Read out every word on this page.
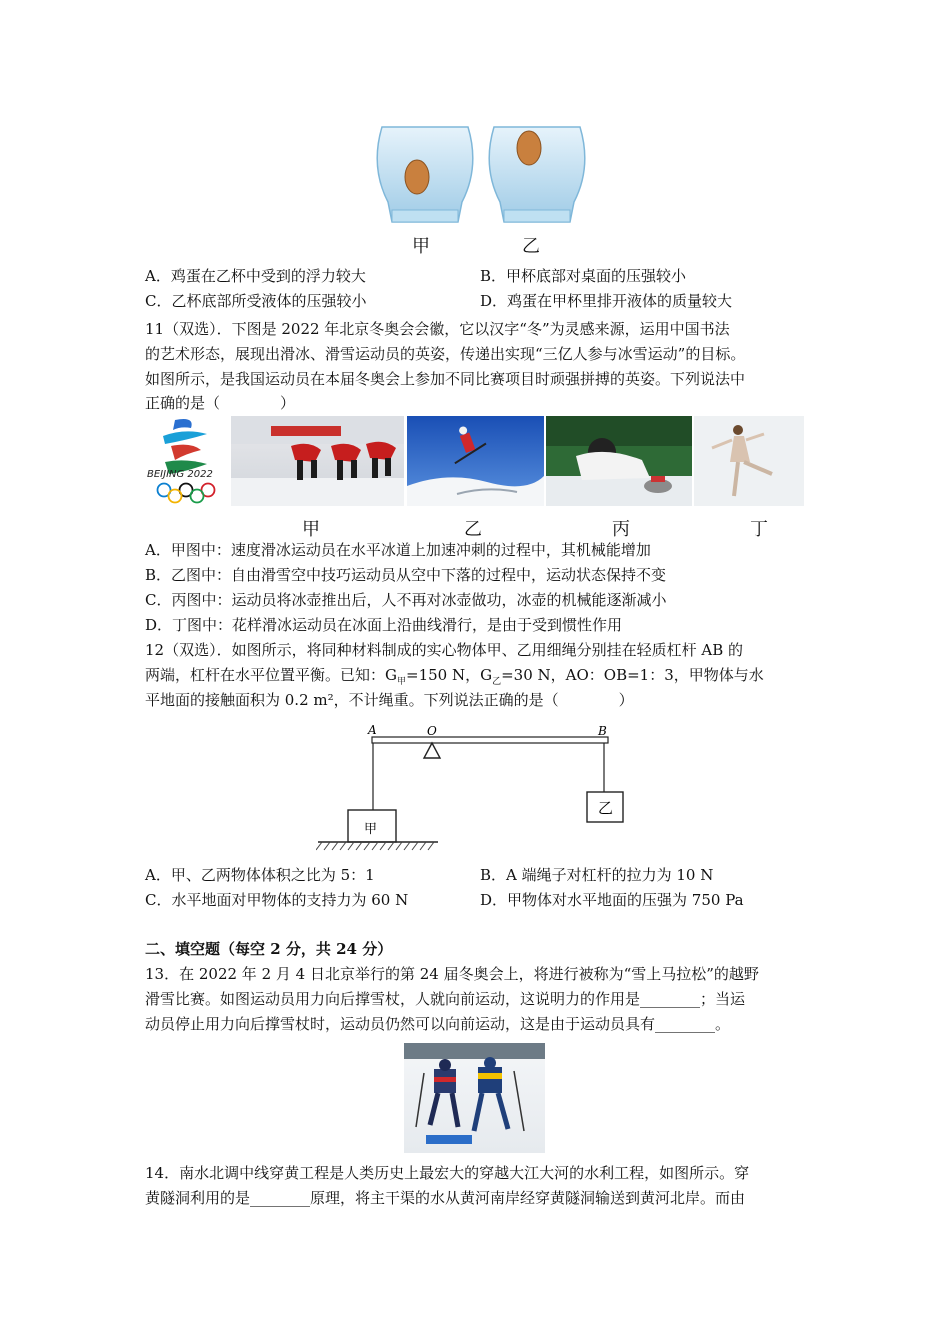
甲	乙
A．鸡蛋在乙杯中受到的浮力较大	B．甲杯底部对桌面的压强较小
C．乙杯底部所受液体的压强较小	D．鸡蛋在甲杯里排开液体的质量较大
11（双选）．下图是 2022 年北京冬奥会会徽，它以汉字“冬”为灵感来源，运用中国书法
的艺术形态，展现出滑冰、滑雪运动员的英姿，传递出实现“三亿人参与冰雪运动”的目标。
如图所示，是我国运动员在本届冬奥会上参加不同比赛项目时顽强拼搏的英姿。下列说法中
正确的是（　　　　）
BEIJING 2022
甲	乙	丙	丁
A．甲图中：速度滑冰运动员在水平冰道上加速冲刺的过程中，其机械能增加
B．乙图中：自由滑雪空中技巧运动员从空中下落的过程中，运动状态保持不变
C．丙图中：运动员将冰壶推出后，人不再对冰壶做功，冰壶的机械能逐渐减小
D．丁图中：花样滑冰运动员在冰面上沿曲线滑行，是由于受到惯性作用
12（双选）．如图所示，将同种材料制成的实心物体甲、乙用细绳分别挂在轻质杠杆 AB 的
两端，杠杆在水平位置平衡。已知：$G_甲=150$ N，$G_乙=30$ N，AO：OB=1：3，甲物体与水
平地面的接触面积为 0.2 m²，不计绳重。下列说法正确的是（　　　　）
A	O	B
甲
乙
A．甲、乙两物体体积之比为 5：1	B．A 端绳子对杠杆的拉力为 10 N
C．水平地面对甲物体的支持力为 60 N	D．甲物体对水平地面的压强为 750 Pa
二、填空题（每空 2 分，共 24 分）
13．在 2022 年 2 月 4 日北京举行的第 24 届冬奥会上，将进行被称为“雪上马拉松”的越野
滑雪比赛。如图运动员用力向后撑雪杖，人就向前运动，这说明力的作用是________；当运
动员停止用力向后撑雪杖时，运动员仍然可以向前运动，这是由于运动员具有________。
14．南水北调中线穿黄工程是人类历史上最宏大的穿越大江大河的水利工程，如图所示。穿
黄隧洞利用的是________原理，将主干渠的水从黄河南岸经穿黄隧洞输送到黄河北岸。而由
